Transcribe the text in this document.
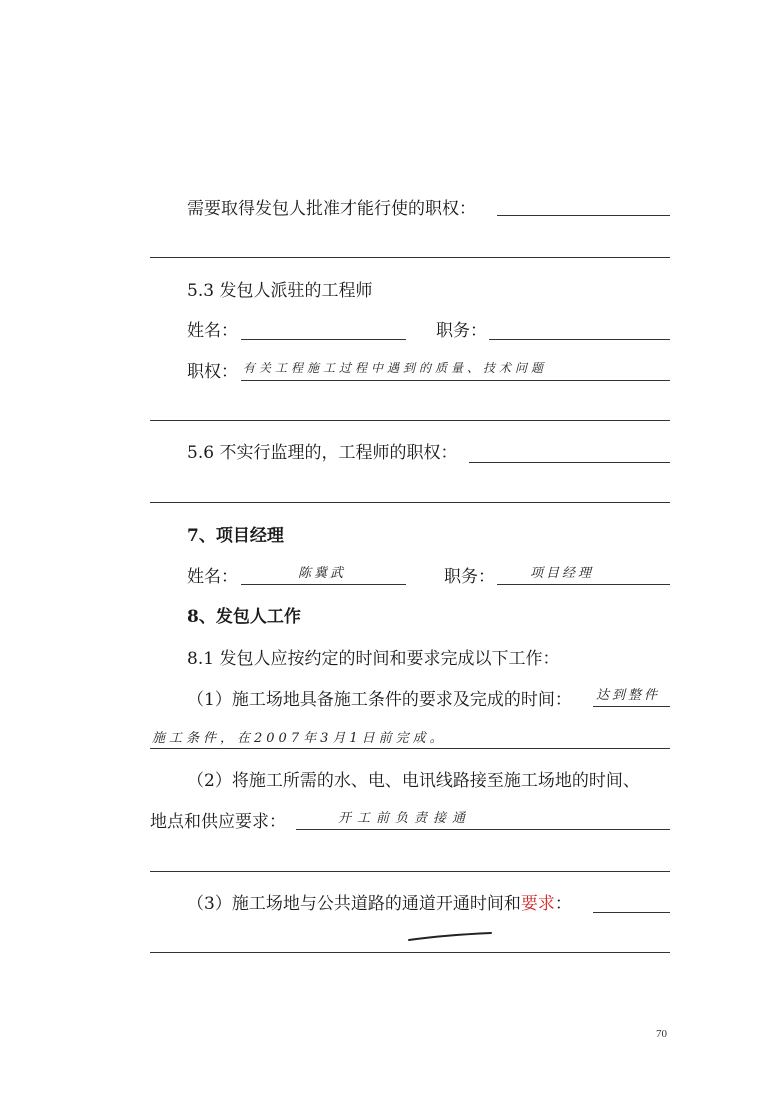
需要取得发包人批准才能行使的职权：
5.3 发包人派驻的工程师
姓名：	职务：
职权： 有关工程施工过程中遇到的质量、技术问题
5.6 不实行监理的，工程师的职权：
7、项目经理
姓名：	陈冀武	职务：	项目经理
8、发包人工作
8.1 发包人应按约定的时间和要求完成以下工作：
（1）施工场地具备施工条件的要求及完成的时间： 达到整件
施工条件，在2007年3月1日前完成。
（2）将施工所需的水、电、电讯线路接至施工场地的时间、
地点和供应要求：	开工前负责接通
（3）施工场地与公共道路的通道开通时间和要求：
70
